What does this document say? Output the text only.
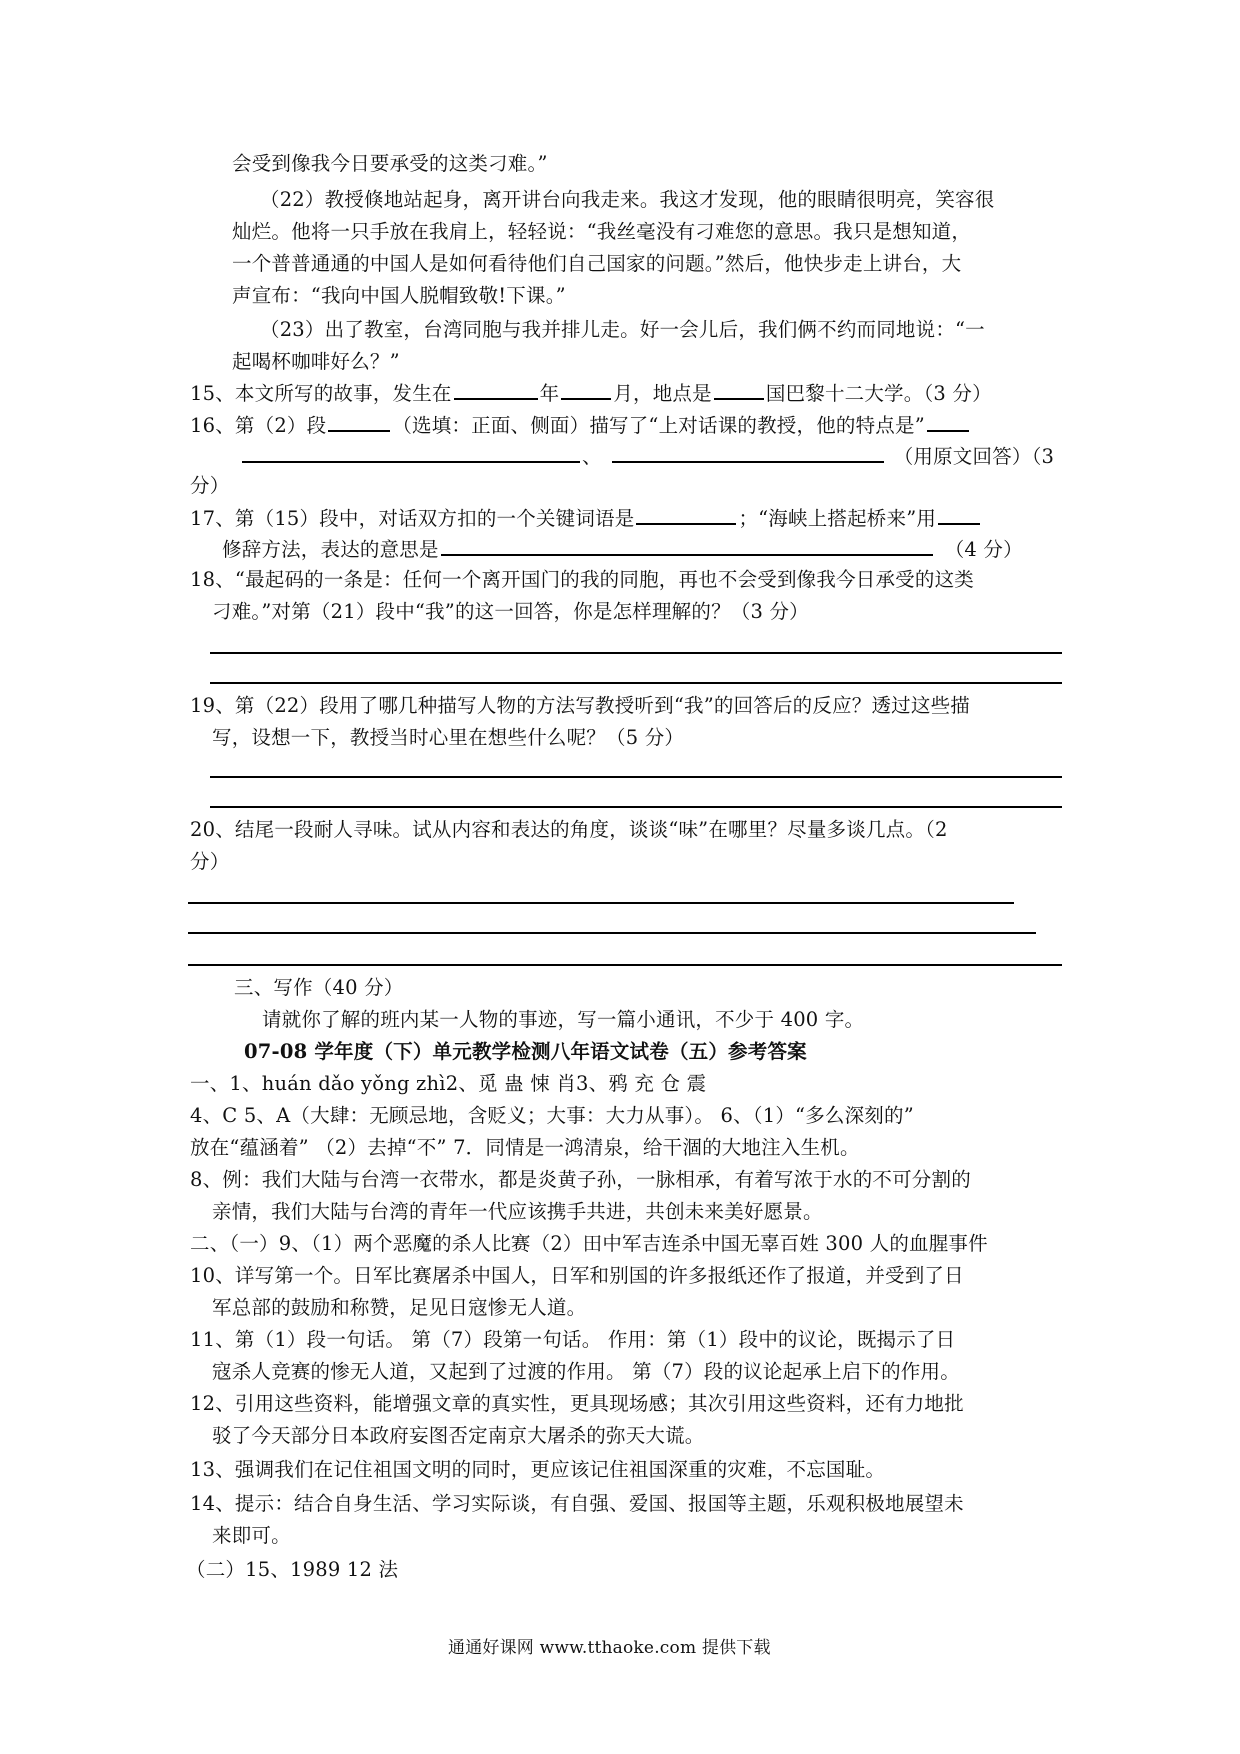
会受到像我今日要承受的这类刁难。”
（22）教授倏地站起身，离开讲台向我走来。我这才发现，他的眼睛很明亮，笑容很
灿烂。他将一只手放在我肩上，轻轻说：“我丝毫没有刁难您的意思。我只是想知道，
一个普普通通的中国人是如何看待他们自己国家的问题。”然后，他快步走上讲台，大
声宣布：“我向中国人脱帽致敬!下课。”
（23）出了教室，台湾同胞与我并排儿走。好一会儿后，我们俩不约而同地说：“一
起喝杯咖啡好么？”
15、本文所写的故事，发生在	年	月，地点是	国巴黎十二大学。（3 分）
16、第（2）段	（选填：正面、侧面）描写了“上对话课的教授，他的特点是”
、	（用原文回答）（3
分）
17、第（15）段中，对话双方扣的一个关键词语是	；“海峡上搭起桥来”用
修辞方法，表达的意思是	（4 分）
18、“最起码的一条是：任何一个离开国门的我的同胞，再也不会受到像我今日承受的这类
刁难。”对第（21）段中“我”的这一回答，你是怎样理解的？（3 分）
19、第（22）段用了哪几种描写人物的方法写教授听到“我”的回答后的反应？透过这些描
写，设想一下，教授当时心里在想些什么呢？（5 分）
20、结尾一段耐人寻味。试从内容和表达的角度，谈谈“味”在哪里？尽量多谈几点。（2
分）
三、写作（40 分）
请就你了解的班内某一人物的事迹，写一篇小通讯，不少于 400 字。
07-08 学年度（下）单元教学检测八年语文试卷（五）参考答案
一、1、huán dǎo yǒng zhì2、觅 蛊 悚 肖3、鸦 充 仓 震
4、C 5、A（大肆：无顾忌地，含贬义；大事：大力从事）。 6、（1）“多么深刻的”
放在“蕴涵着” （2）去掉“不” 7．同情是一鸿清泉，给干涸的大地注入生机。
8、例：我们大陆与台湾一衣带水，都是炎黄子孙，一脉相承，有着写浓于水的不可分割的
亲情，我们大陆与台湾的青年一代应该携手共进，共创未来美好愿景。
二、（一）9、（1）两个恶魔的杀人比赛（2）田中军吉连杀中国无辜百姓 300 人的血腥事件
10、详写第一个。日军比赛屠杀中国人，日军和别国的许多报纸还作了报道，并受到了日
军总部的鼓励和称赞，足见日寇惨无人道。
11、第（1）段一句话。 第（7）段第一句话。 作用：第（1）段中的议论，既揭示了日
寇杀人竞赛的惨无人道，又起到了过渡的作用。 第（7）段的议论起承上启下的作用。
12、引用这些资料，能增强文章的真实性，更具现场感；其次引用这些资料，还有力地批
驳了今天部分日本政府妄图否定南京大屠杀的弥天大谎。
13、强调我们在记住祖国文明的同时，更应该记住祖国深重的灾难，不忘国耻。
14、提示：结合自身生活、学习实际谈，有自强、爱国、报国等主题，乐观积极地展望未
来即可。
（二）15、1989 12 法
通通好课网 www.tthaoke.com 提供下载
